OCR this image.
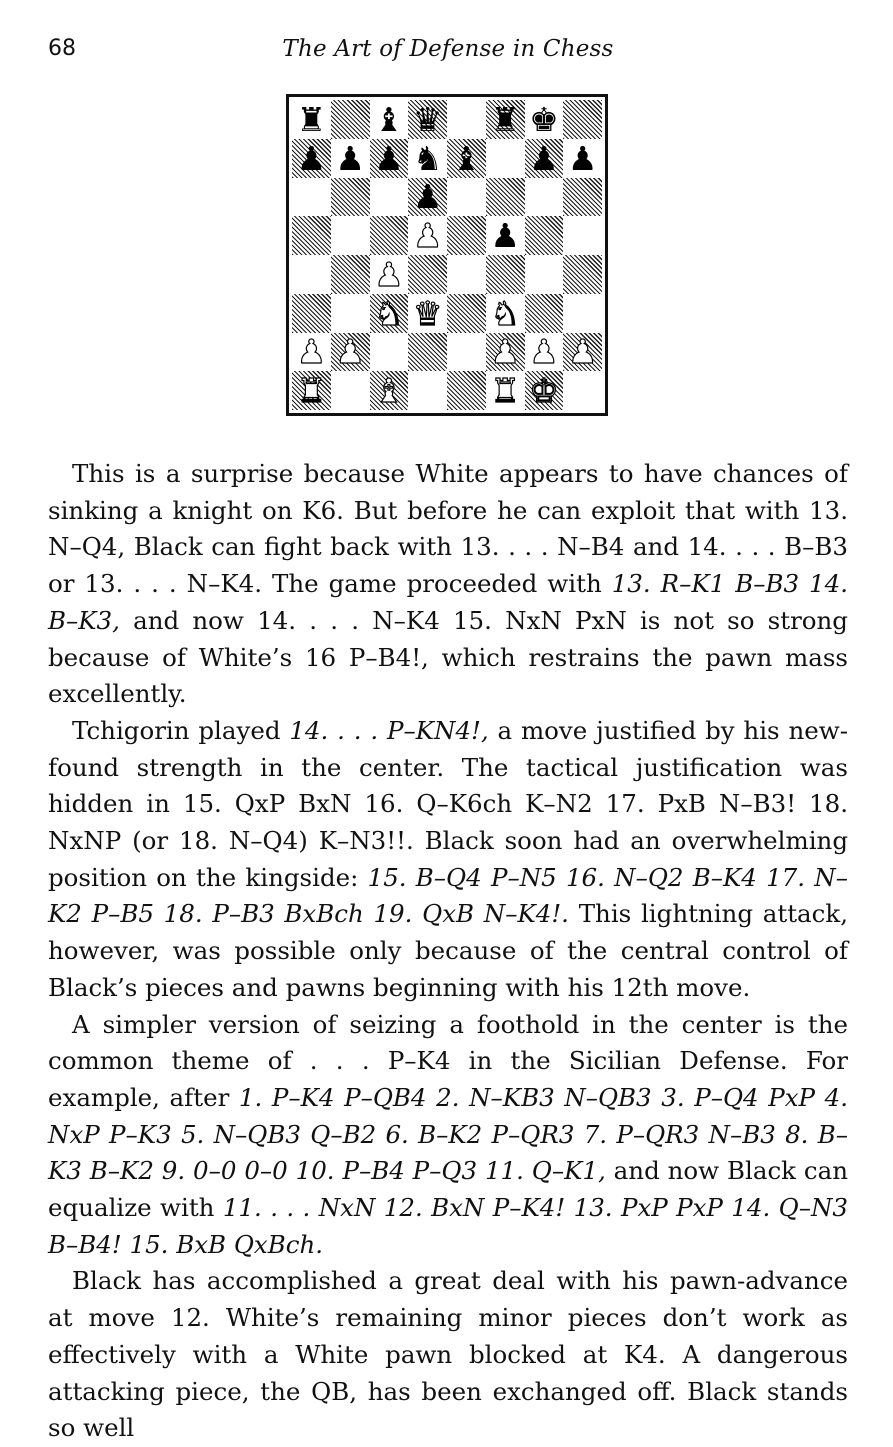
68	The Art of Defense in Chess
♜ ♝ ♛ ♜ ♚
♟ ♟ ♟ ♞ ♝ ♟ ♟
♟
♟ ♟
♟
♞ ♛ ♞
♟ ♟	♟ ♟ ♟
♜ ♝	♜ ♚

This is a surprise because White appears to have chances of sinking a knight on K6. But before he can exploit that with 13. N–Q4, Black can fight back with 13. . . . N–B4 and 14. . . . B–B3 or 13. . . . N–K4. The game proceeded with 13. R–K1 B–B3 14. B–K3, and now 14. . . . N–K4 15. NxN PxN is not so strong because of White’s 16 P–B4!, which restrains the pawn mass excellently.

Tchigorin played 14. . . . P–KN4!, a move justified by his new-found strength in the center. The tactical justification was hidden in 15. QxP BxN 16. Q–K6ch K–N2 17. PxB N–B3! 18. NxNP (or 18. N–Q4) K–N3!!. Black soon had an overwhelming position on the kingside: 15. B–Q4 P–N5 16. N–Q2 B–K4 17. N–K2 P–B5 18. P–B3 BxBch 19. QxB N–K4!. This lightning attack, however, was possible only because of the central control of Black’s pieces and pawns beginning with his 12th move.

A simpler version of seizing a foothold in the center is the common theme of . . . P–K4 in the Sicilian Defense. For example, after 1. P–K4 P–QB4 2. N–KB3 N–QB3 3. P–Q4 PxP 4. NxP P–K3 5. N–QB3 Q–B2 6. B–K2 P–QR3 7. P–QR3 N–B3 8. B–K3 B–K2 9. 0–0 0–0 10. P–B4 P–Q3 11. Q–K1, and now Black can equalize with 11. . . . NxN 12. BxN P–K4! 13. PxP PxP 14. Q–N3 B–B4! 15. BxB QxBch.

Black has accomplished a great deal with his pawn-advance at move 12. White’s remaining minor pieces don’t work as effectively with a White pawn blocked at K4. A dangerous attacking piece, the QB, has been exchanged off. Black stands so well
